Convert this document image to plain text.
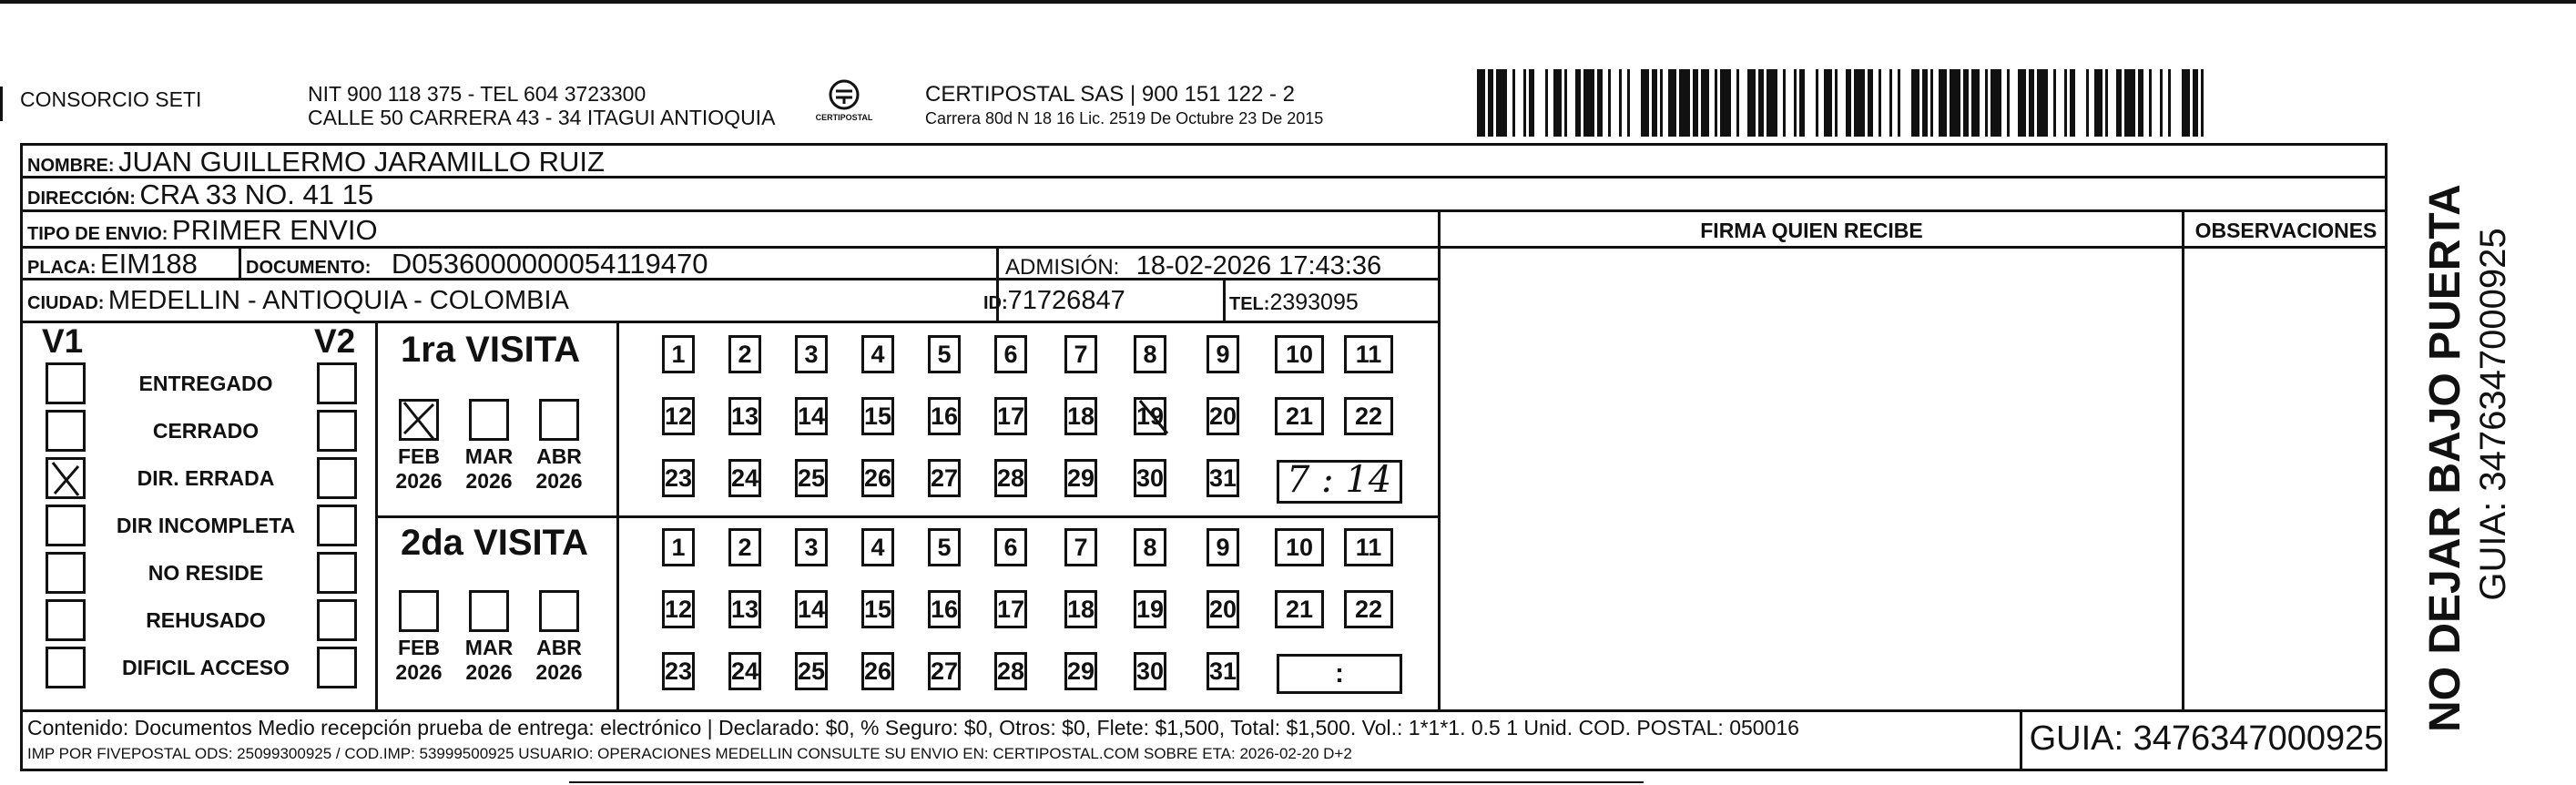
CONSORCIO SETI	NIT 900 118 375 - TEL 604 3723300
CALLE 50 CARRERA 43 - 34 ITAGUI ANTIOQUIA	CERTIPOSTAL
CERTIPOSTAL SAS | 900 151 122 - 2
Carrera 80d N 18 16 Lic. 2519 De Octubre 23 De 2015
NOMBRE: JUAN GUILLERMO JARAMILLO RUIZ
DIRECCIÓN: CRA 33 NO. 41 15
TIPO DE ENVIO: PRIMER ENVIO	FIRMA QUIEN RECIBE	OBSERVACIONES
PLACA: EIM188	DOCUMENTO: D0536000000054119470	ADMISIÓN: 18-02-2026 17:43:36
CIUDAD: MEDELLIN - ANTIOQUIA - COLOMBIA	ID:71726847	TEL:2393095
V1	V2
ENTREGADO
CERRADO
DIR. ERRADA
DIR INCOMPLETA
NO RESIDE
REHUSADO
DIFICIL ACCESO
1ra VISITA
2da VISITA
FEB
2026
MAR
2026
ABR
2026
FEB
2026
MAR
2026
ABR
2026
1	2	3	4	5	6	7	8	9	10	11
12 13 14 15 16 17 18 19 20	21	22
23 24 25 26 27 28 29 30 31
1	2	3	4	5	6	7	8	9	10	11
12 13 14 15 16 17 18 19 20	21	22
23 24 25 26 27 28 29 30 31
7 : 14
:
Contenido: Documentos Medio recepción prueba de entrega: electrónico | Declarado: $0, % Seguro: $0, Otros: $0, Flete: $1,500, Total: $1,500. Vol.: 1*1*1. 0.5 1 Unid. COD. POSTAL: 050016
IMP POR FIVEPOSTAL ODS: 25099300925 / COD.IMP: 53999500925 USUARIO: OPERACIONES MEDELLIN CONSULTE SU ENVIO EN: CERTIPOSTAL.COM SOBRE ETA: 2026-02-20 D+2	GUIA: 3476347000925
NO DEJAR BAJO PUERTA GUIA: 3476347000925
